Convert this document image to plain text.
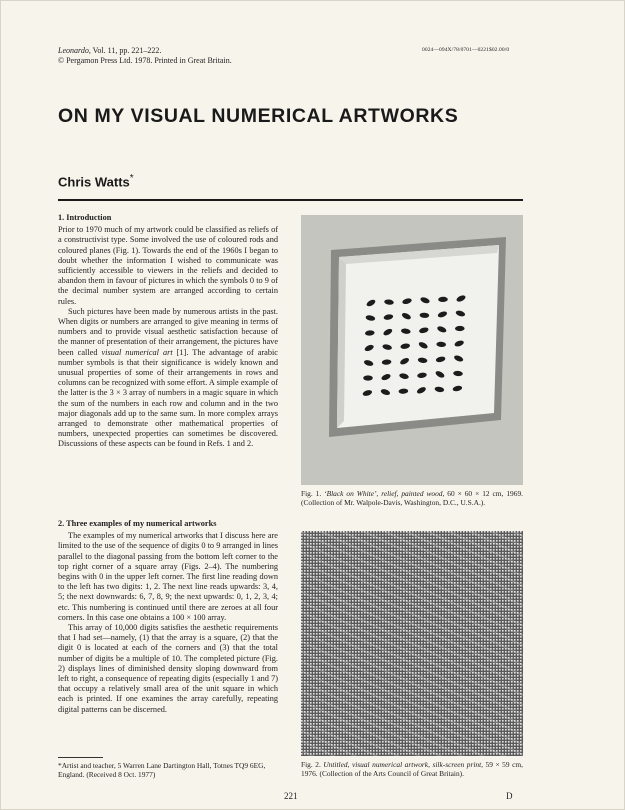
Leonardo, Vol. 11, pp. 221–222.
© Pergamon Press Ltd. 1978. Printed in Great Britain.
0024—094X/78/0701—0221$02.00/0
ON MY VISUAL NUMERICAL ARTWORKS
Chris Watts*
1. Introduction

Prior to 1970 much of my artwork could be classified as reliefs of a constructivist type. Some involved the use of coloured rods and coloured planes (Fig. 1). Towards the end of the 1960s I began to doubt whether the information I wished to communicate was sufficiently accessible to viewers in the reliefs and decided to abandon them in favour of pictures in which the symbols 0 to 9 of the decimal number system are arranged according to certain rules.

Such pictures have been made by numerous artists in the past. When digits or numbers are arranged to give meaning in terms of numbers and to provide visual aesthetic satisfaction because of the manner of presentation of their arrangement, the pictures have been called visual numerical art [1]. The advantage of arabic number symbols is that their significance is widely known and unusual properties of some of their arrangements in rows and columns can be recognized with some effort. A simple example of the latter is the 3 × 3 array of numbers in a magic square in which the sum of the numbers in each row and column and in the two major diagonals add up to the same sum. In more complex arrays arranged to demonstrate other mathematical properties of numbers, unexpected properties can sometimes be discovered. Discussions of these aspects can be found in Refs. 1 and 2.

2. Three examples of my numerical artworks

The examples of my numerical artworks that I discuss here are limited to the use of the sequence of digits 0 to 9 arranged in lines parallel to the diagonal passing from the bottom left corner to the top right corner of a square array (Figs. 2–4). The numbering begins with 0 in the upper left corner. The first line reading down to the left has two digits: 1, 2. The next line reads upwards: 3, 4, 5; the next downwards: 6, 7, 8, 9; the next upwards: 0, 1, 2, 3, 4; etc. This numbering is continued until there are zeroes at all four corners. In this case one obtains a 100 × 100 array.

This array of 10,000 digits satisfies the aesthetic requirements that I had set—namely, (1) that the array is a square, (2) that the digit 0 is located at each of the corners and (3) that the total number of digits be a multiple of 10. The completed picture (Fig. 2) displays lines of diminished density sloping downward from left to right, a consequence of repeating digits (especially 1 and 7) that occupy a relatively small area of the unit square in which each is printed. If one examines the array carefully, repeating digital patterns can be discerned.

*Artist and teacher, 5 Warren Lane Dartington Hall, Totnes TQ9 6EG, England. (Received 8 Oct. 1977)
Fig. 1. ‘Black on White’, relief, painted wood, 60 × 60 × 12 cm, 1969. (Collection of Mr. Walpole-Davis, Washington, D.C., U.S.A.).
Fig. 2. Untitled, visual numerical artwork, silk-screen print, 59 × 59 cm, 1976. (Collection of the Arts Council of Great Britain).
221	D
